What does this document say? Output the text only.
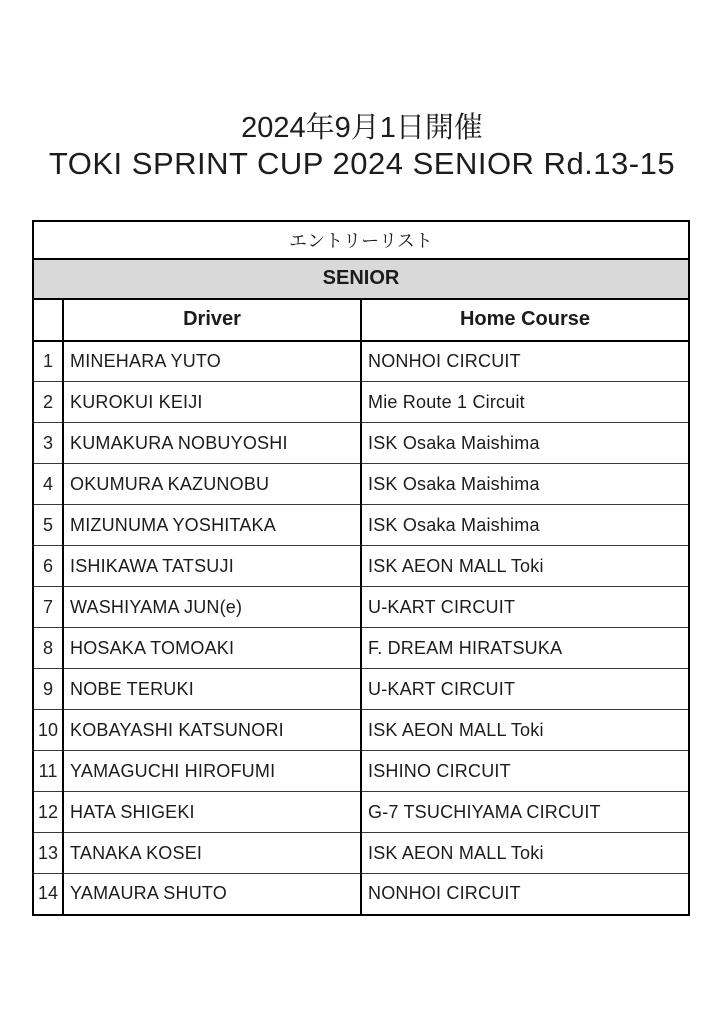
2024年9月1日開催
TOKI SPRINT CUP 2024 SENIOR Rd.13-15
エントリーリスト		
SENIOR		
	Driver	Home Course
1	MINEHARA YUTO	NONHOI CIRCUIT
2	KUROKUI KEIJI	Mie Route 1 Circuit
3	KUMAKURA NOBUYOSHI	ISK Osaka Maishima
4	OKUMURA KAZUNOBU	ISK Osaka Maishima
5	MIZUNUMA YOSHITAKA	ISK Osaka Maishima
6	ISHIKAWA TATSUJI	ISK AEON MALL Toki
7	WASHIYAMA JUN(e)	U-KART CIRCUIT
8	HOSAKA TOMOAKI	F. DREAM HIRATSUKA
9	NOBE TERUKI	U-KART CIRCUIT
10	KOBAYASHI KATSUNORI	ISK AEON MALL Toki
11	YAMAGUCHI HIROFUMI	ISHINO CIRCUIT
12	HATA SHIGEKI	G-7 TSUCHIYAMA CIRCUIT
13	TANAKA KOSEI	ISK AEON MALL Toki
14	YAMAURA SHUTO	NONHOI CIRCUIT
